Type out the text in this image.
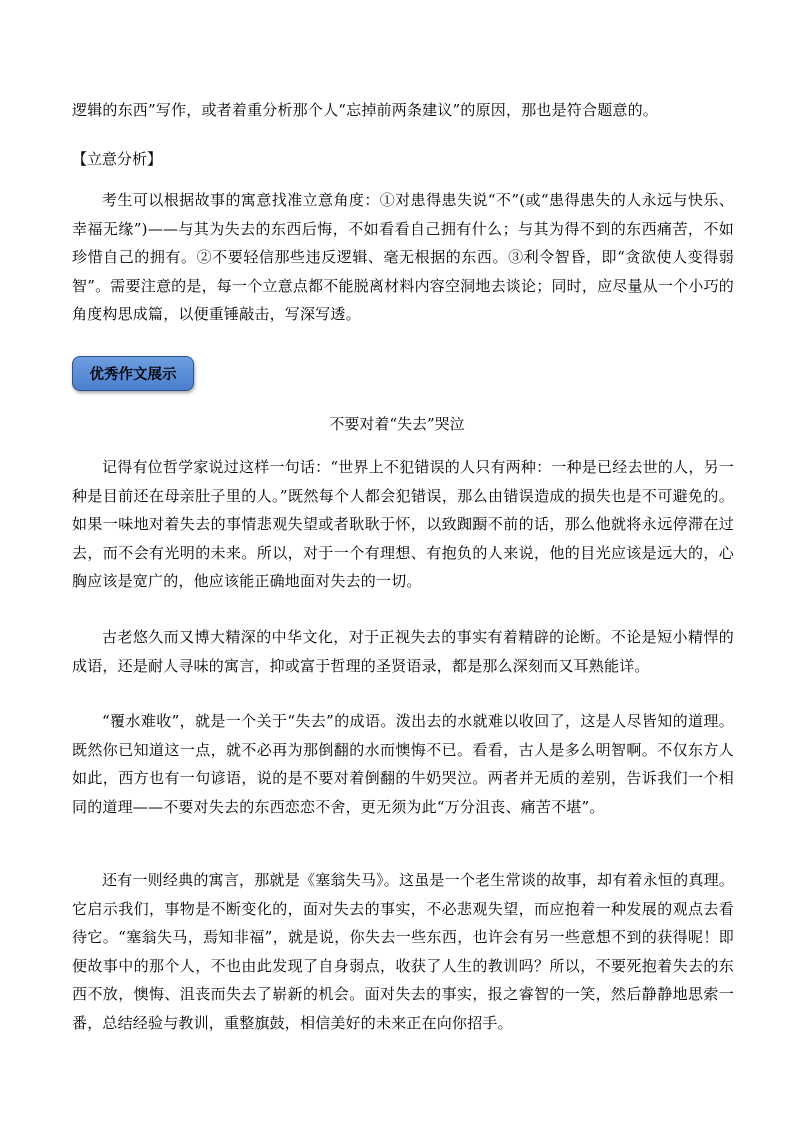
逻辑的东西”写作，或者着重分析那个人“忘掉前两条建议”的原因，那也是符合题意的。

【立意分析】

考生可以根据故事的寓意找准立意角度：①对患得患失说“不”(或“患得患失的人永远与快乐、幸福无缘”)——与其为失去的东西后悔，不如看看自己拥有什么；与其为得不到的东西痛苦，不如珍惜自己的拥有。②不要轻信那些违反逻辑、毫无根据的东西。③利令智昏，即“贪欲使人变得弱智”。需要注意的是，每一个立意点都不能脱离材料内容空洞地去谈论；同时，应尽量从一个小巧的角度构思成篇，以便重锤敲击，写深写透。

优秀作文展示

不要对着“失去”哭泣

记得有位哲学家说过这样一句话：“世界上不犯错误的人只有两种：一种是已经去世的人，另一种是目前还在母亲肚子里的人。”既然每个人都会犯错误，那么由错误造成的损失也是不可避免的。如果一味地对着失去的事情悲观失望或者耿耿于怀，以致踟蹰不前的话，那么他就将永远停滞在过去，而不会有光明的未来。所以，对于一个有理想、有抱负的人来说，他的目光应该是远大的，心胸应该是宽广的，他应该能正确地面对失去的一切。

古老悠久而又博大精深的中华文化，对于正视失去的事实有着精辟的论断。不论是短小精悍的成语，还是耐人寻味的寓言，抑或富于哲理的圣贤语录，都是那么深刻而又耳熟能详。

“覆水难收”，就是一个关于“失去”的成语。泼出去的水就难以收回了，这是人尽皆知的道理。既然你已知道这一点，就不必再为那倒翻的水而懊悔不已。看看，古人是多么明智啊。不仅东方人如此，西方也有一句谚语，说的是不要对着倒翻的牛奶哭泣。两者并无质的差别，告诉我们一个相同的道理——不要对失去的东西恋恋不舍，更无须为此“万分沮丧、痛苦不堪”。

还有一则经典的寓言，那就是《塞翁失马》。这虽是一个老生常谈的故事，却有着永恒的真理。它启示我们，事物是不断变化的，面对失去的事实，不必悲观失望，而应抱着一种发展的观点去看待它。“塞翁失马，焉知非福”，就是说，你失去一些东西，也许会有另一些意想不到的获得呢！即便故事中的那个人，不也由此发现了自身弱点，收获了人生的教训吗？所以，不要死抱着失去的东西不放，懊悔、沮丧而失去了崭新的机会。面对失去的事实，报之睿智的一笑，然后静静地思索一番，总结经验与教训，重整旗鼓，相信美好的未来正在向你招手。
